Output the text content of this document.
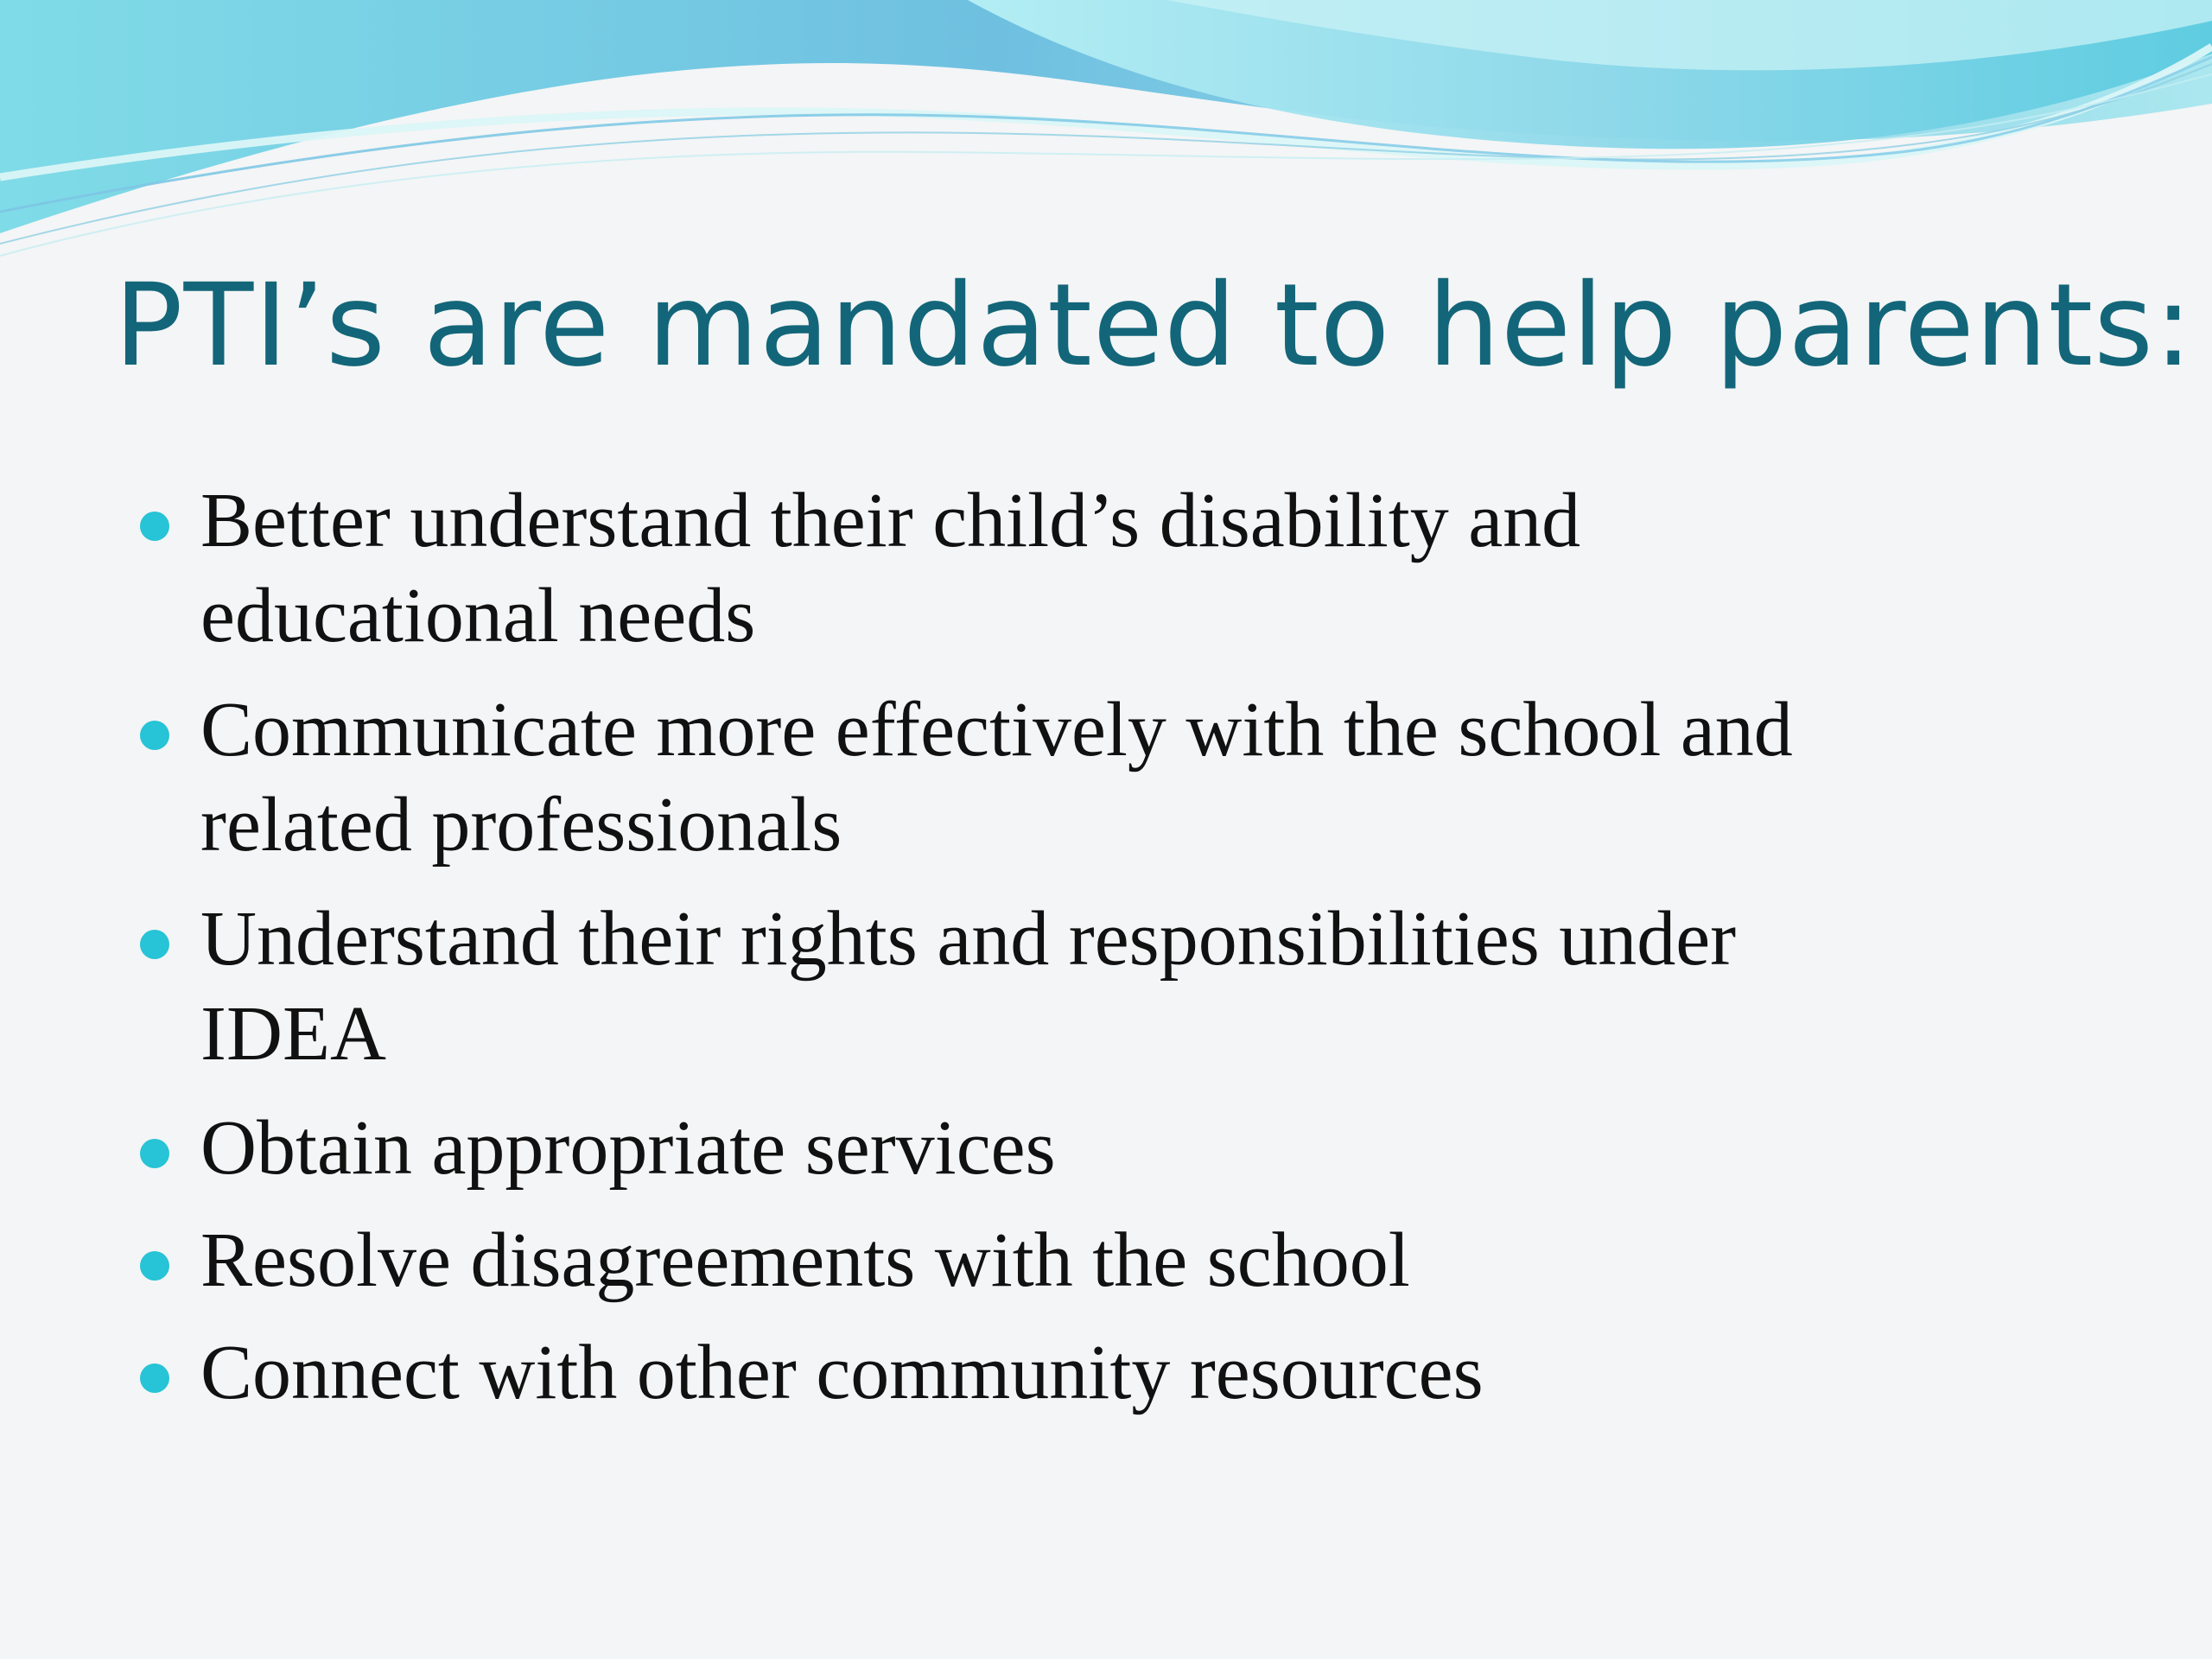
PTI’s are mandated to help parents:
Better understand their child’s disability and
educational needs
Communicate more effectively with the school and
related professionals
Understand their rights and responsibilities under
IDEA
Obtain appropriate services
Resolve disagreements with the school
Connect with other community resources
